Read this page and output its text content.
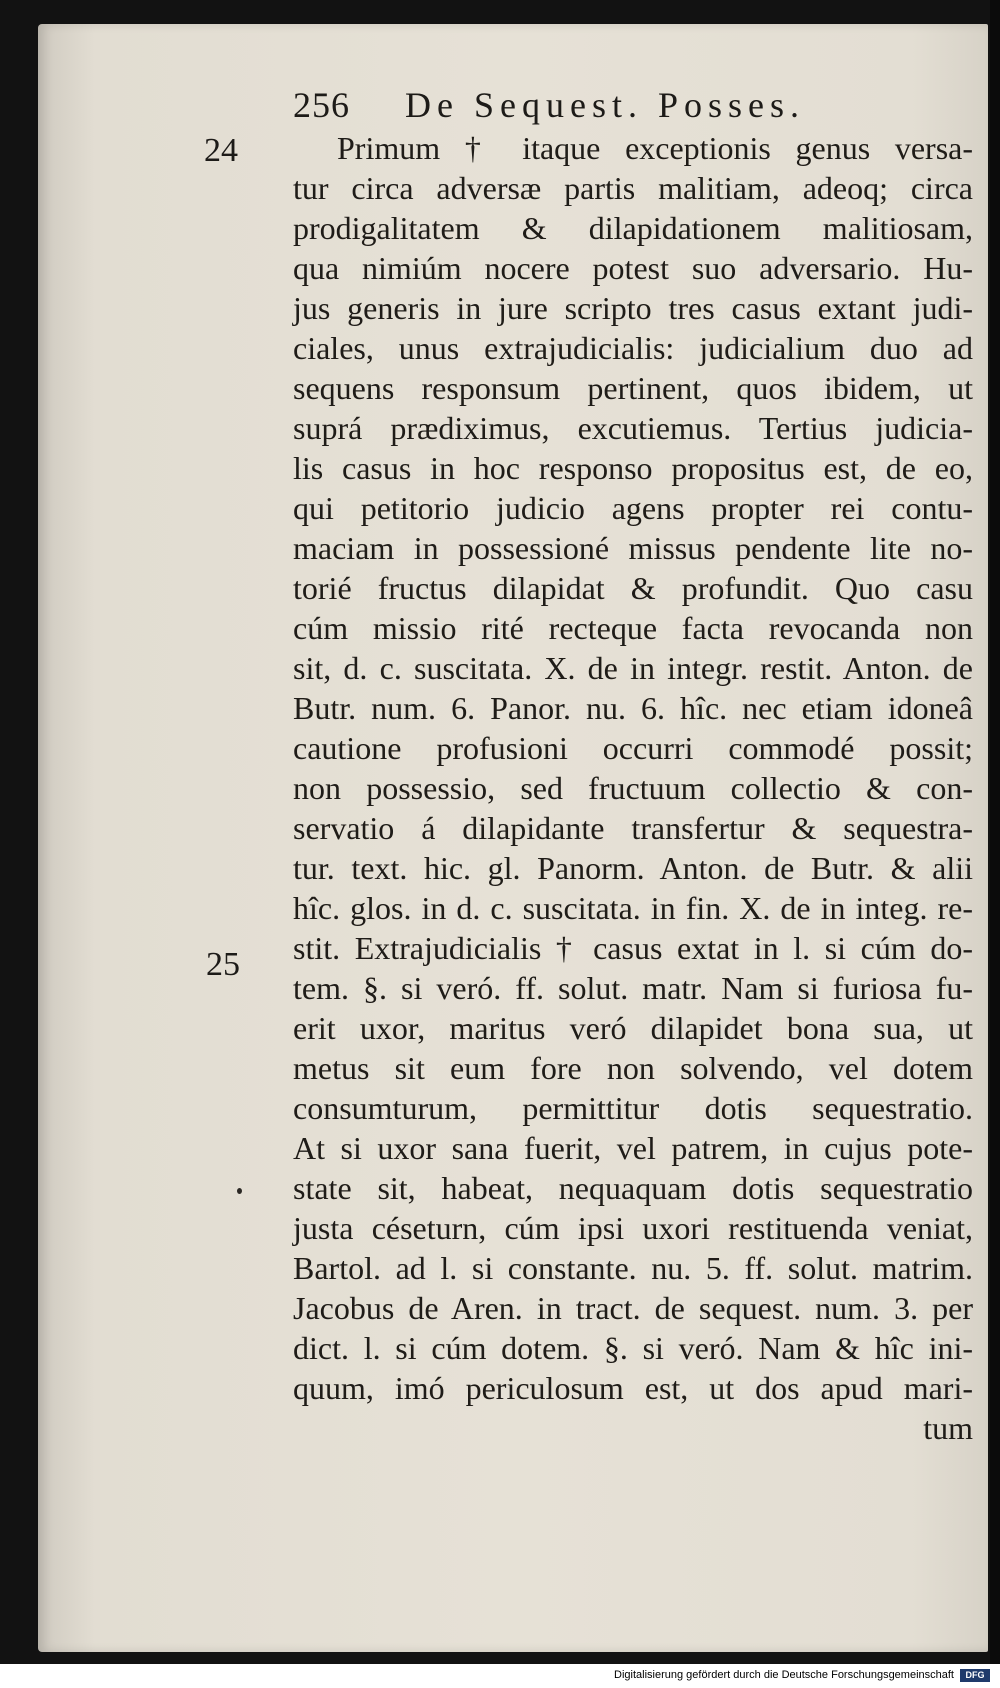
256 De Sequest. Posses.
24
25
Primum † itaque exceptionis genus versa-
tur circa adversæ partis malitiam, adeoq; circa
prodigalitatem & dilapidationem malitiosam,
qua nimiúm nocere potest suo adversario. Hu-
jus generis in jure scripto tres casus extant judi-
ciales, unus extrajudicialis: judicialium duo ad
sequens responsum pertinent, quos ibidem, ut
suprá prædiximus, excutiemus. Tertius judicia-
lis casus in hoc responso propositus est, de eo,
qui petitorio judicio agens propter rei contu-
maciam in possessioné missus pendente lite no-
torié fructus dilapidat & profundit. Quo casu
cúm missio rité recteque facta revocanda non
sit, d. c. suscitata. X. de in integr. restit. Anton. de
Butr. num. 6. Panor. nu. 6. hîc. nec etiam idoneâ
cautione profusioni occurri commodé possit;
non possessio, sed fructuum collectio & con-
servatio á dilapidante transfertur & sequestra-
tur. text. hic. gl. Panorm. Anton. de Butr. & alii
hîc. glos. in d. c. suscitata. in fin. X. de in integ. re-
stit. Extrajudicialis † casus extat in l. si cúm do-
tem. §. si veró. ff. solut. matr. Nam si furiosa fu-
erit uxor, maritus veró dilapidet bona sua, ut
metus sit eum fore non solvendo, vel dotem
consumturum, permittitur dotis sequestratio.
At si uxor sana fuerit, vel patrem, in cujus pote-
state sit, habeat, nequaquam dotis sequestratio
justa céseturn, cúm ipsi uxori restituenda veniat,
Bartol. ad l. si constante. nu. 5. ff. solut. matrim.
Jacobus de Aren. in tract. de sequest. num. 3. per
dict. l. si cúm dotem. §. si veró. Nam & hîc ini-
quum, imó periculosum est, ut dos apud mari-
tum
Digitalisierung gefördert durch die Deutsche Forschungsgemeinschaft	DFG
